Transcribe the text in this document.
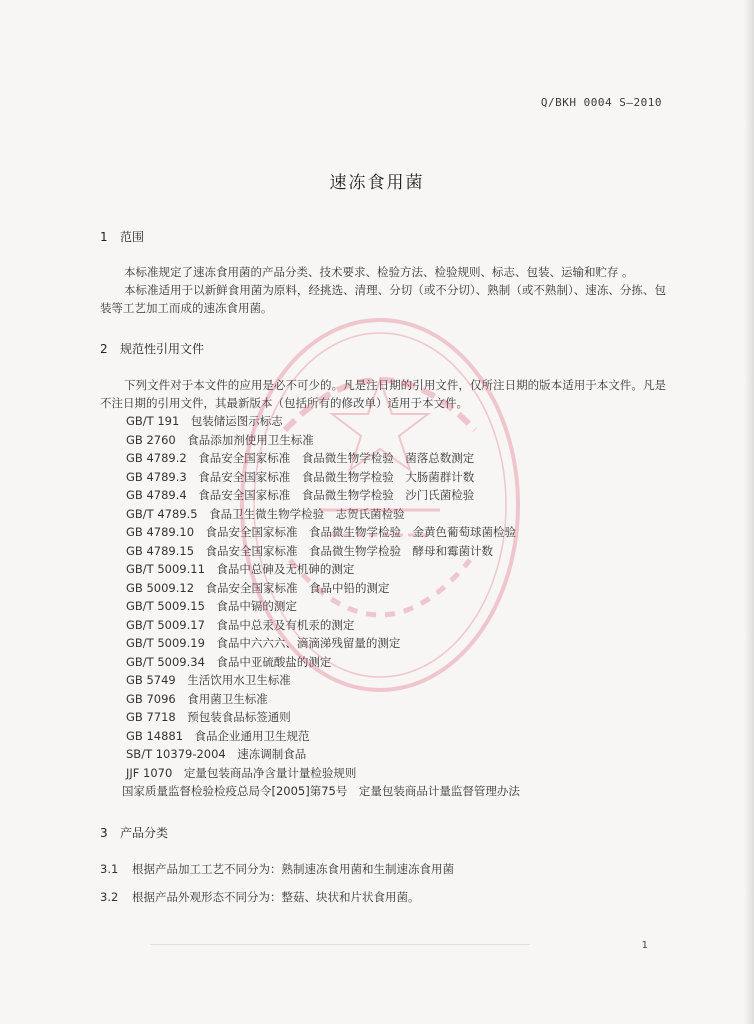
Q/BKH 0004 S—2010
速冻食用菌
1 范围

本标准规定了速冻食用菌的产品分类、技术要求、检验方法、检验规则、标志、包装、运输和贮存 。

本标准适用于以新鲜食用菌为原料，经挑选、清理、分切（或不分切）、熟制（或不熟制）、速冻、分拣、包装等工艺加工而成的速冻食用菌。

2 规范性引用文件

下列文件对于本文件的应用是必不可少的。凡是注日期的引用文件，仅所注日期的版本适用于本文件。凡是不注日期的引用文件，其最新版本（包括所有的修改单）适用于本文件。

GB/T 191　包装储运图示标志
GB 2760　食品添加剂使用卫生标准
GB 4789.2　食品安全国家标准　食品微生物学检验　菌落总数测定
GB 4789.3　食品安全国家标准　食品微生物学检验　大肠菌群计数
GB 4789.4　食品安全国家标准　食品微生物学检验　沙门氏菌检验
GB/T 4789.5　食品卫生微生物学检验　志贺氏菌检验
GB 4789.10　食品安全国家标准　食品微生物学检验　金黄色葡萄球菌检验
GB 4789.15　食品安全国家标准　食品微生物学检验　酵母和霉菌计数
GB/T 5009.11　食品中总砷及无机砷的测定
GB 5009.12　食品安全国家标准　食品中铅的测定
GB/T 5009.15　食品中镉的测定
GB/T 5009.17　食品中总汞及有机汞的测定
GB/T 5009.19　食品中六六六、滴滴涕残留量的测定
GB/T 5009.34　食品中亚硫酸盐的测定
GB 5749　生活饮用水卫生标准
GB 7096　食用菌卫生标准
GB 7718　预包装食品标签通则
GB 14881　食品企业通用卫生规范
SB/T 10379-2004　速冻调制食品
JJF 1070　定量包装商品净含量计量检验规则
国家质量监督检验检疫总局令[2005]第75号　定量包装商品计量监督管理办法
3 产品分类
3.1 根据产品加工工艺不同分为：熟制速冻食用菌和生制速冻食用菌
3.2 根据产品外观形态不同分为：整菇、块状和片状食用菌。
1
